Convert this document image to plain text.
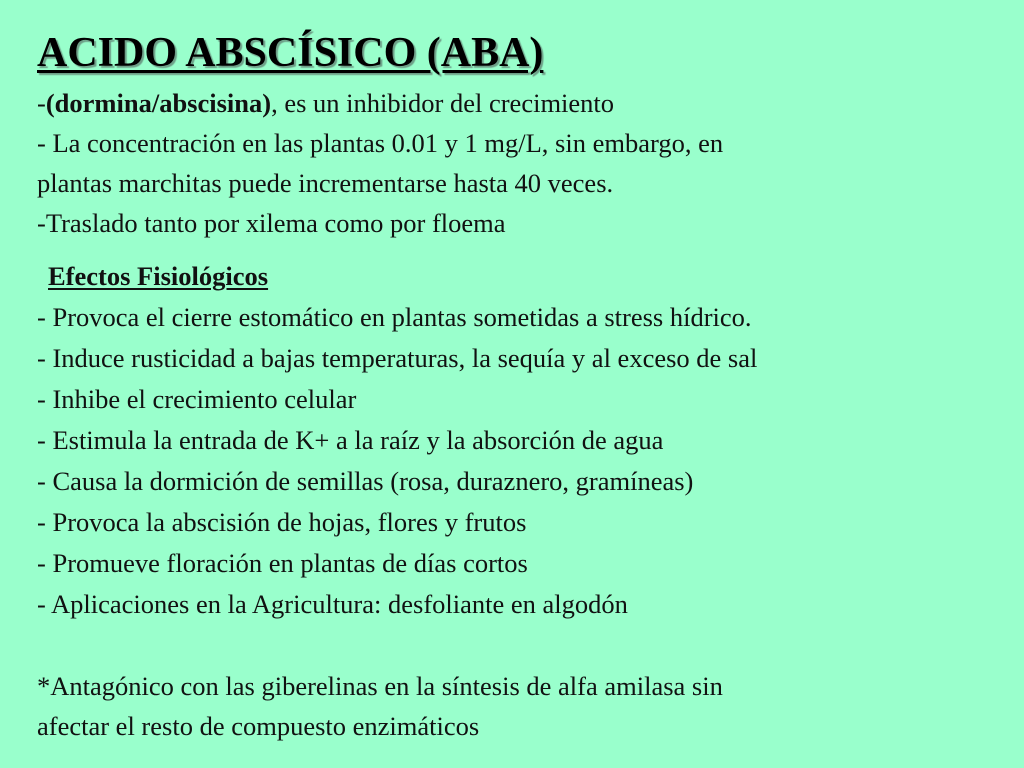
ACIDO ABSCÍSICO (ABA)
-(dormina/abscisina), es un inhibidor del crecimiento
- La concentración en las plantas 0.01 y 1 mg/L, sin embargo, en
plantas marchitas puede incrementarse hasta 40 veces.
-Traslado tanto por xilema como por floema
Efectos Fisiológicos
- Provoca el cierre estomático en plantas sometidas a stress hídrico.
- Induce rusticidad a bajas temperaturas, la sequía y al exceso de sal
- Inhibe el crecimiento celular
- Estimula la entrada de K+ a la raíz y la absorción de agua
- Causa la dormición de semillas (rosa, duraznero, gramíneas)
- Provoca la abscisión de hojas, flores y frutos
- Promueve floración en plantas de días cortos
- Aplicaciones en la Agricultura: desfoliante en algodón
*Antagónico con las giberelinas en la síntesis de alfa amilasa sin
afectar el resto de compuesto enzimáticos
